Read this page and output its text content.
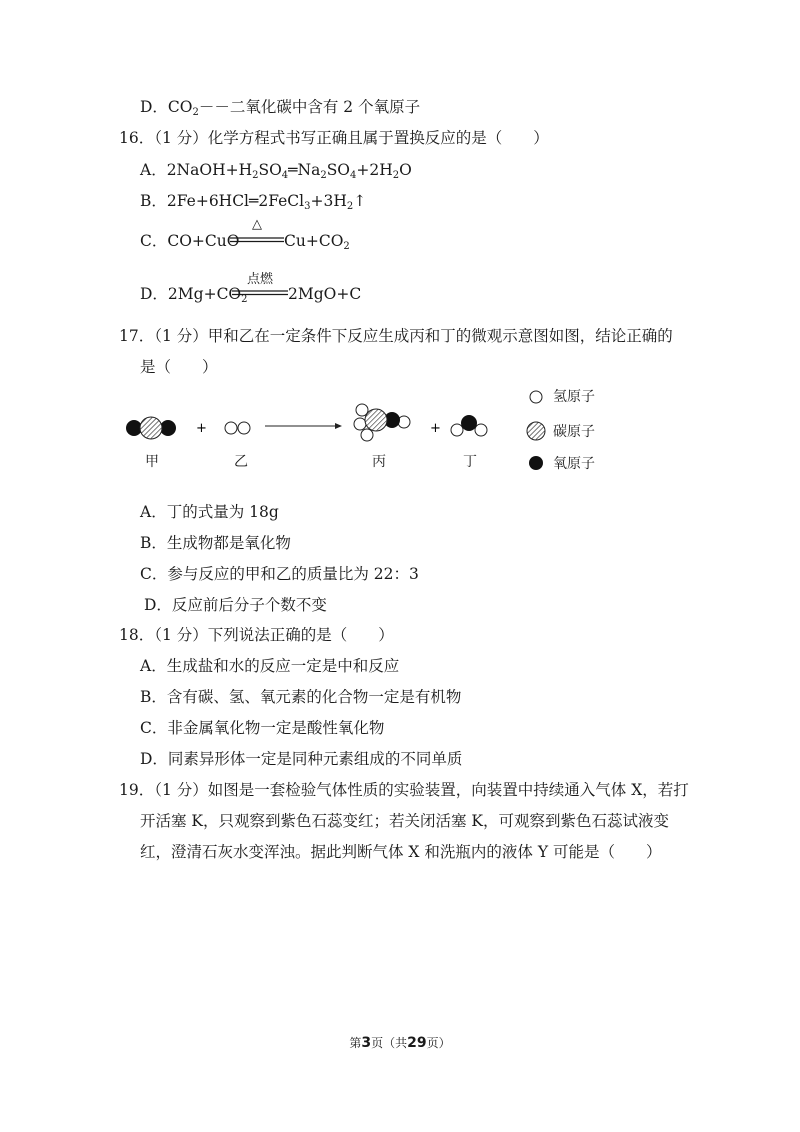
D．$CO_2--$二氧化碳中含有 2 个氧原子
16．（1 分）化学方程式书写正确且属于置换反应的是（　　）
A．$2NaOH+H_2SO_4═Na_2SO_4+2H_2O$
B．$2Fe+6HCl═2FeCl_3+3H_2↑$
C．CO+CuO
△
$Cu+CO_2$
D．$2Mg+CO_2$
点燃
2MgO+C
17．（1 分）甲和乙在一定条件下反应生成丙和丁的微观示意图如图，结论正确的
是（　　）
+	+
氢原子
碳原子
氧原子
甲	乙	丙	丁
A．丁的式量为 18g
B．生成物都是氧化物
C．参与反应的甲和乙的质量比为 22：3
D．反应前后分子个数不变
18．（1 分）下列说法正确的是（　　）
A．生成盐和水的反应一定是中和反应
B．含有碳、氢、氧元素的化合物一定是有机物
C．非金属氧化物一定是酸性氧化物
D．同素异形体一定是同种元素组成的不同单质
19．（1 分）如图是一套检验气体性质的实验装置，向装置中持续通入气体 X，若打
开活塞 K，只观察到紫色石蕊变红；若关闭活塞 K，可观察到紫色石蕊试液变
红，澄清石灰水变浑浊。据此判断气体 X 和洗瓶内的液体 Y 可能是（　　）
第3页（共29页）
